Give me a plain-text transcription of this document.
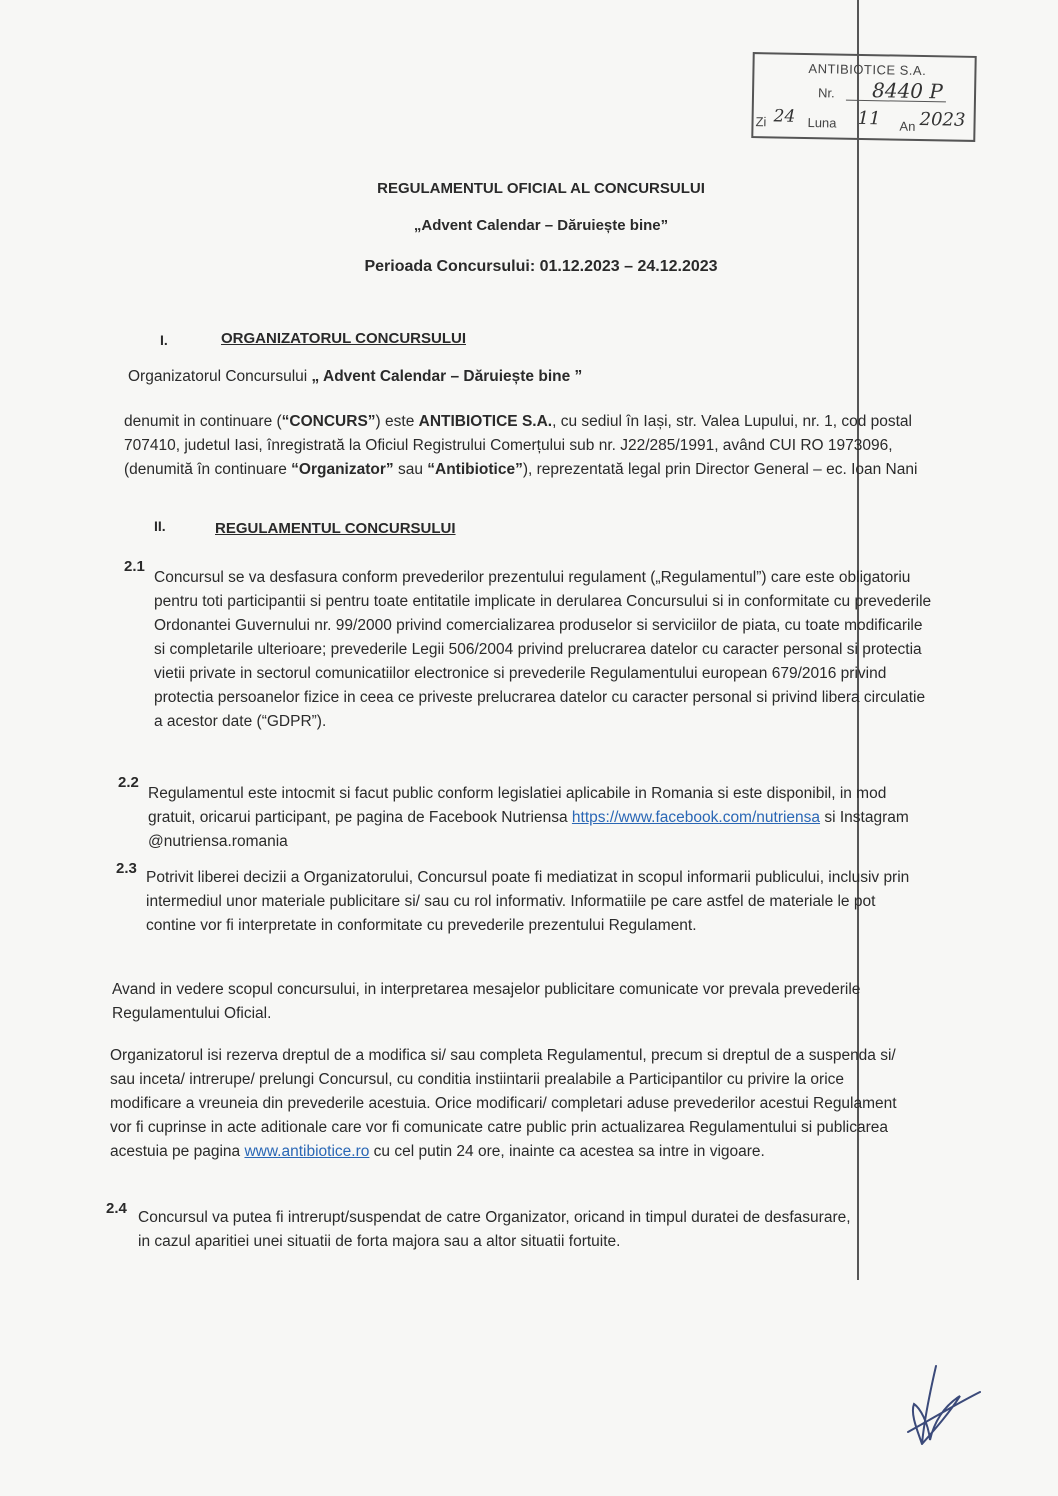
ANTIBIOTICE S.A.
Nr. 8440 P
Zi 24 Luna 11 An 2023
REGULAMENTUL OFICIAL AL CONCURSULUI
„Advent Calendar – Dăruiește bine”
Perioada Concursului: 01.12.2023 – 24.12.2023
I.	ORGANIZATORUL CONCURSULUI
Organizatorul Concursului „ Advent Calendar – Dăruiește bine ”
denumit in continuare (“CONCURS”) este ANTIBIOTICE S.A., cu sediul în Iași, str. Valea Lupului, nr. 1, cod postal 707410, judetul Iasi, înregistrată la Oficiul Registrului Comerțului sub nr. J22/285/1991, având CUI RO 1973096, (denumită în continuare “Organizator” sau “Antibiotice”), reprezentată legal prin Director General – ec. Ioan Nani
II.	REGULAMENTUL CONCURSULUI
2.1
Concursul se va desfasura conform prevederilor prezentului regulament („Regulamentul”) care este obligatoriu pentru toti participantii si pentru toate entitatile implicate in derularea Concursului si in conformitate cu prevederile Ordonantei Guvernului nr. 99/2000 privind comercializarea produselor si serviciilor de piata, cu toate modificarile si completarile ulterioare; prevederile Legii 506/2004 privind prelucrarea datelor cu caracter personal si protectia vietii private in sectorul comunicatiilor electronice si prevederile Regulamentului european 679/2016 privind protectia persoanelor fizice in ceea ce priveste prelucrarea datelor cu caracter personal si privind libera circulatie a acestor date (“GDPR”).
2.2
Regulamentul este intocmit si facut public conform legislatiei aplicabile in Romania si este disponibil, in mod gratuit, oricarui participant, pe pagina de Facebook Nutriensa https://www.facebook.com/nutriensa si Instagram @nutriensa.romania
2.3
Potrivit liberei decizii a Organizatorului, Concursul poate fi mediatizat in scopul informarii publicului, inclusiv prin intermediul unor materiale publicitare si/ sau cu rol informativ. Informatiile pe care astfel de materiale le pot contine vor fi interpretate in conformitate cu prevederile prezentului Regulament.
Avand in vedere scopul concursului, in interpretarea mesajelor publicitare comunicate vor prevala prevederile Regulamentului Oficial.
Organizatorul isi rezerva dreptul de a modifica si/ sau completa Regulamentul, precum si dreptul de a suspenda si/ sau inceta/ intrerupe/ prelungi Concursul, cu conditia instiintarii prealabile a Participantilor cu privire la orice modificare a vreuneia din prevederile acestuia. Orice modificari/ completari aduse prevederilor acestui Regulament vor fi cuprinse in acte aditionale care vor fi comunicate catre public prin actualizarea Regulamentului si publicarea acestuia pe pagina www.antibiotice.ro cu cel putin 24 ore, inainte ca acestea sa intre in vigoare.
2.4
Concursul va putea fi intrerupt/suspendat de catre Organizator, oricand in timpul duratei de desfasurare, in cazul aparitiei unei situatii de forta majora sau a altor situatii fortuite.
